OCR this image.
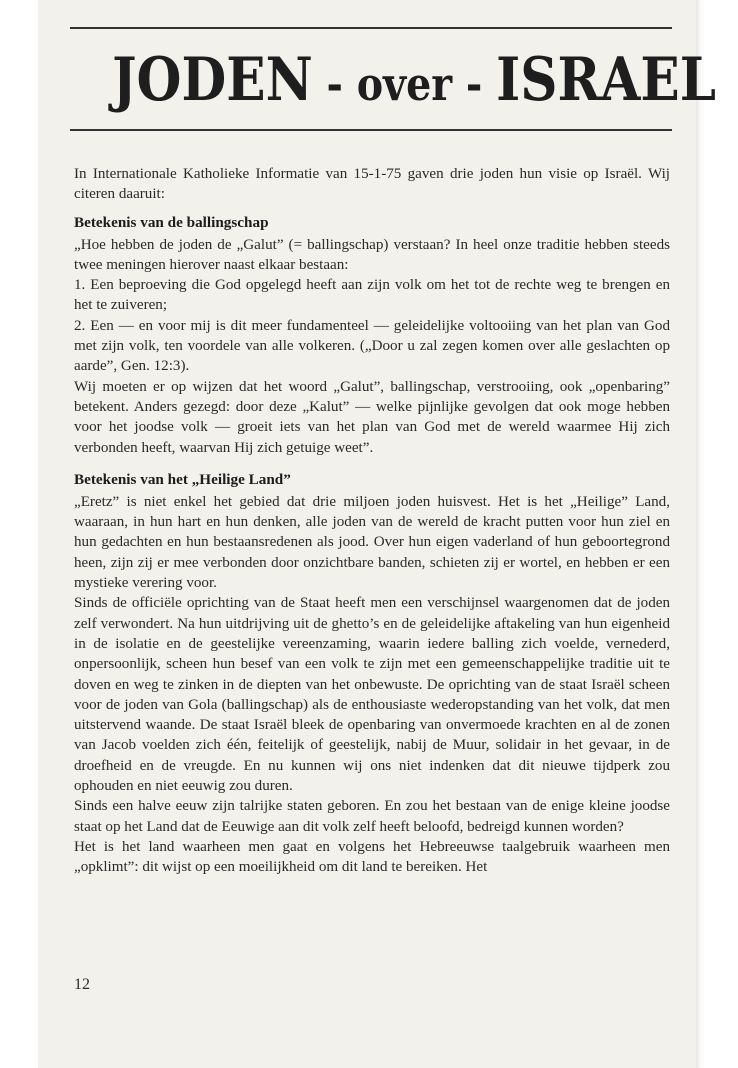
JODEN - over - ISRAEL

In Internationale Katholieke Informatie van 15-1-75 gaven drie joden hun visie op Israël. Wij citeren daaruit:

Betekenis van de ballingschap

„Hoe hebben de joden de „Galut” (= ballingschap) verstaan? In heel onze traditie hebben steeds twee meningen hierover naast elkaar bestaan:

1. Een beproeving die God opgelegd heeft aan zijn volk om het tot de rechte weg te brengen en het te zuiveren;

2. Een — en voor mij is dit meer fundamenteel — geleidelijke voltooiing van het plan van God met zijn volk, ten voordele van alle volkeren. („Door u zal zegen komen over alle geslachten op aarde”, Gen. 12:3).

Wij moeten er op wijzen dat het woord „Galut”, ballingschap, verstrooiing, ook „openbaring” betekent. Anders gezegd: door deze „Kalut” — welke pijnlijke gevolgen dat ook moge hebben voor het joodse volk — groeit iets van het plan van God met de wereld waarmee Hij zich verbonden heeft, waarvan Hij zich getuige weet”.

Betekenis van het „Heilige Land”

„Eretz” is niet enkel het gebied dat drie miljoen joden huisvest. Het is het „Heilige” Land, waaraan, in hun hart en hun denken, alle joden van de wereld de kracht putten voor hun ziel en hun gedachten en hun bestaansredenen als jood. Over hun eigen vaderland of hun geboortegrond heen, zijn zij er mee verbonden door onzichtbare banden, schieten zij er wortel, en hebben er een mystieke verering voor.

Sinds de officiële oprichting van de Staat heeft men een verschijnsel waargenomen dat de joden zelf verwondert. Na hun uitdrijving uit de ghetto’s en de geleidelijke aftakeling van hun eigenheid in de isolatie en de geestelijke vereenzaming, waarin iedere balling zich voelde, vernederd, onpersoonlijk, scheen hun besef van een volk te zijn met een gemeenschappelijke traditie uit te doven en weg te zinken in de diepten van het onbewuste. De oprichting van de staat Israël scheen voor de joden van Gola (ballingschap) als de enthousiaste wederopstanding van het volk, dat men uitstervend waande. De staat Israël bleek de openbaring van onvermoede krachten en al de zonen van Jacob voelden zich één, feitelijk of geestelijk, nabij de Muur, solidair in het gevaar, in de droefheid en de vreugde. En nu kunnen wij ons niet indenken dat dit nieuwe tijdperk zou ophouden en niet eeuwig zou duren.

Sinds een halve eeuw zijn talrijke staten geboren. En zou het bestaan van de enige kleine joodse staat op het Land dat de Eeuwige aan dit volk zelf heeft beloofd, bedreigd kunnen worden?

Het is het land waarheen men gaat en volgens het Hebreeuwse taalgebruik waarheen men „opklimt”: dit wijst op een moeilijkheid om dit land te bereiken. Het

12
